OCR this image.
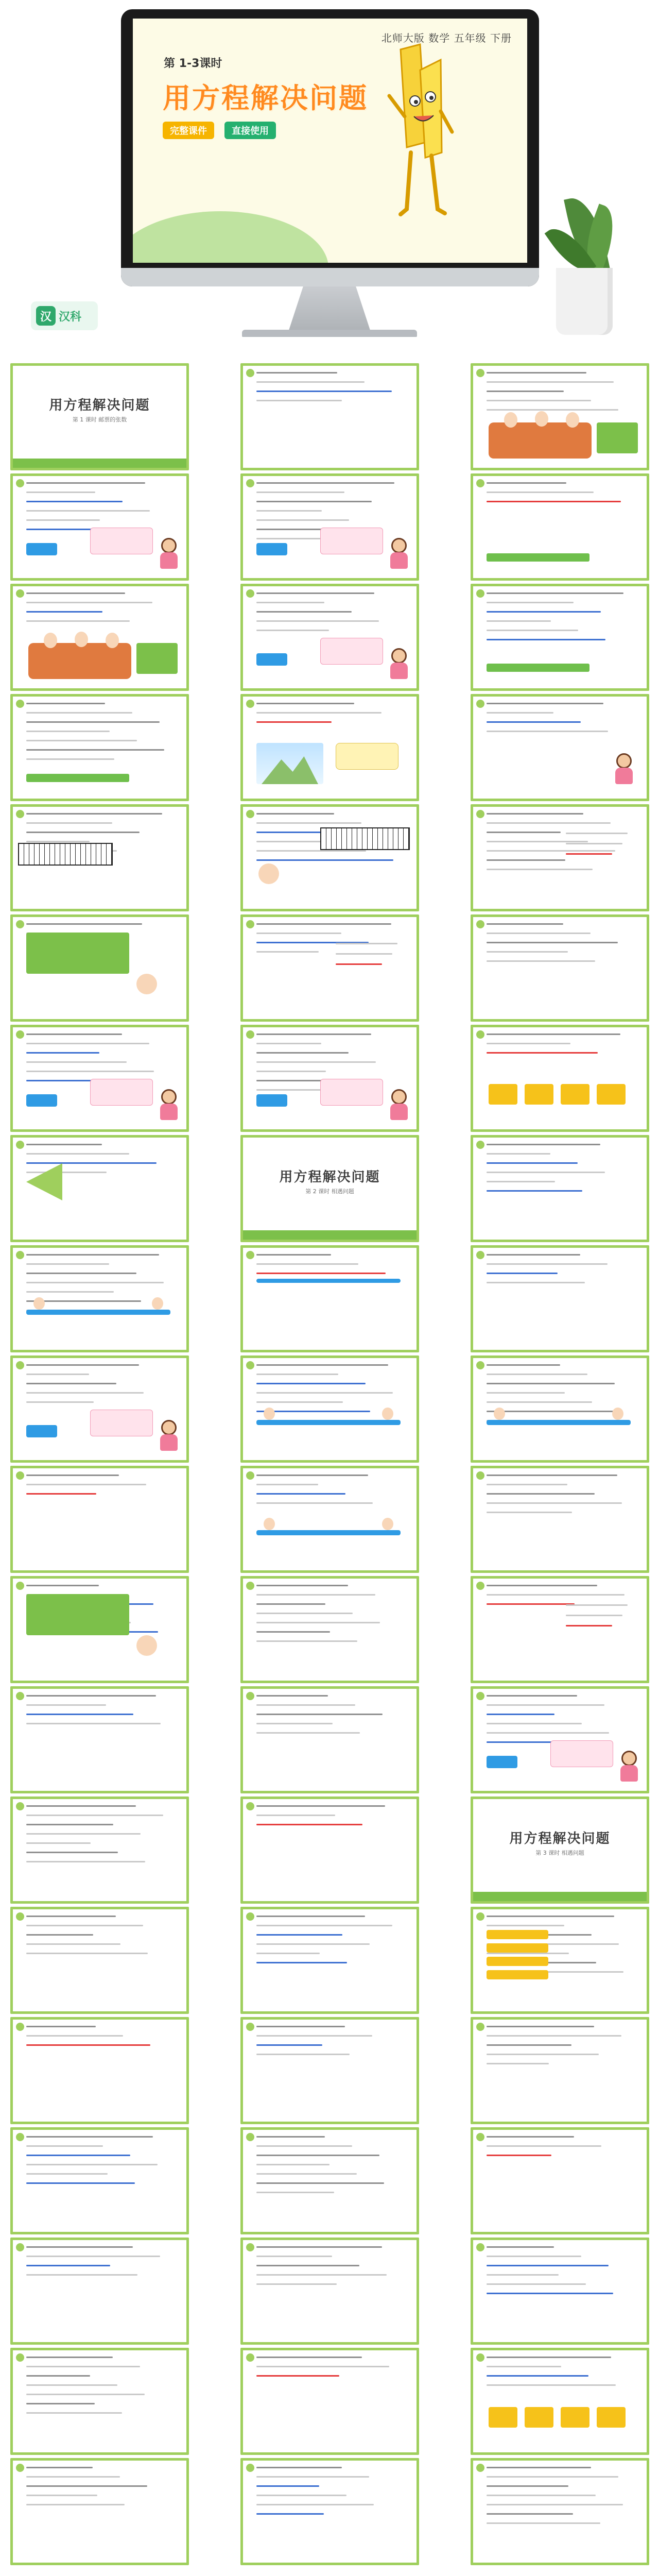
汉 汉科
北师大版 数学 五年级 下册
第 1-3课时
用方程解决问题
完整课件	直接使用
用方程解决问题
第 1 课时 邮票的张数
用方程解决问题
第 2 课时 相遇问题
用方程解决问题
第 3 课时 相遇问题
